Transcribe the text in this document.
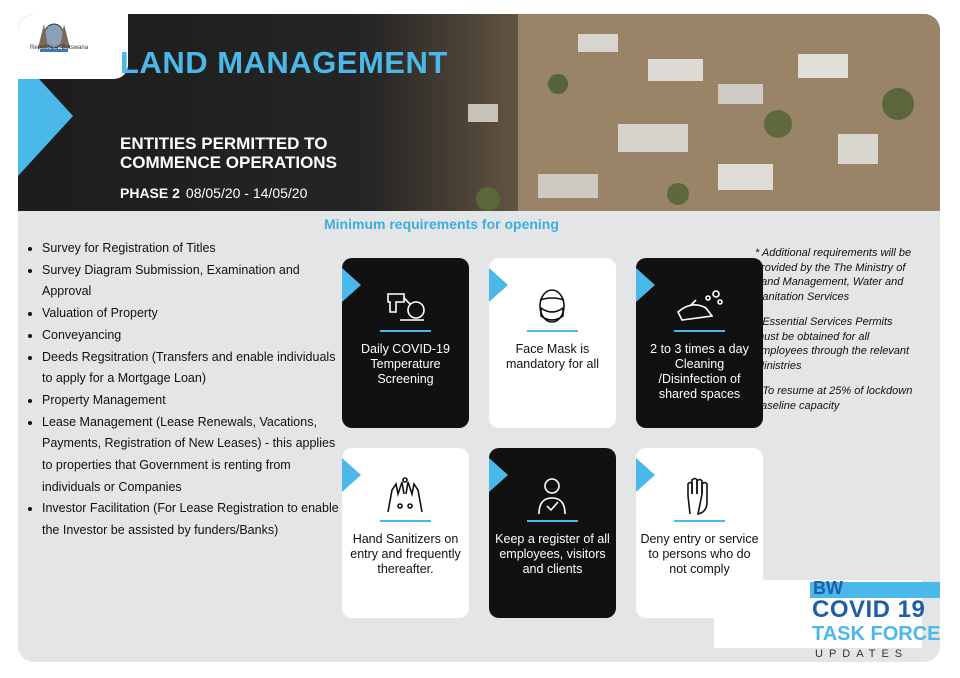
Republic of Botswana LAND MANAGEMENT
ENTITIES PERMITTED TO
COMMENCE OPERATIONS
PHASE 2 08/05/20 - 14/05/20
Minimum requirements for opening
• Survey for Registration of Titles
• Survey Diagram Submission, Examination and Approval
• Valuation of Property
• Conveyancing
• Deeds Regsitration (Transfers and enable individuals to apply for a Mortgage Loan)
• Property Management
• Lease Management (Lease Renewals, Vacations, Payments, Registration of New Leases) - this applies to properties that Government is renting from individuals or Companies
• Investor Facilitation (For Lease Registration to enable the Investor be assisted by funders/Banks)
Daily COVID-19 Temperature Screening
Face Mask is mandatory for all
2 to 3 times a day Cleaning /Disinfection of shared spaces
Hand Sanitizers on entry and frequently thereafter.
Keep a register of all employees, visitors and clients
Deny entry or service to persons who do not comply

* Additional requirements will be provided by the The Ministry of Land Management, Water and Sanitation Services

* Essential Services Permits must be obtained for all employees through the relevant Ministries

* To resume at 25% of lockdown baseline capacity

BW
COVID 19
TASK FORCE
UPDATES
